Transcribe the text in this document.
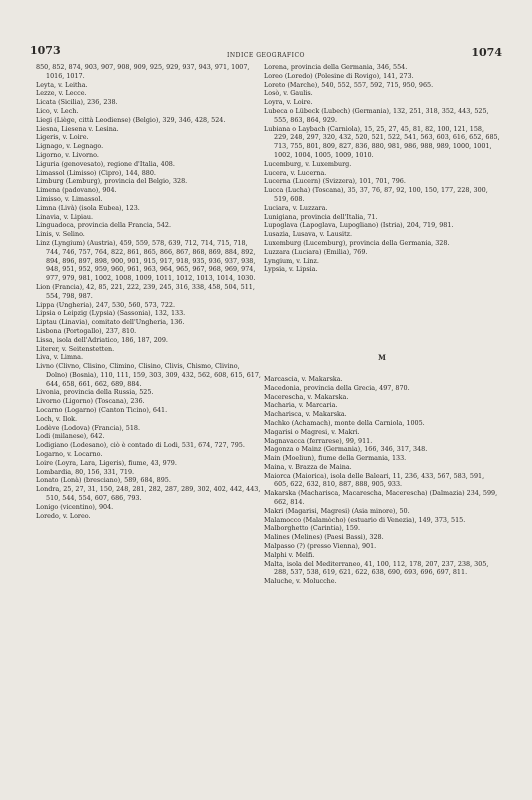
1073	INDICE GEOGRAFICO	1074
850, 852, 874, 903, 907, 908, 909, 925, 929, 937, 943, 971, 1007, 1016, 1017.
Leyta, v. Leitha.
Lezze, v. Lecce.
Licata (Sicilia), 236, 238.
Lico, v. Lech.
Liegi (Liège, città Leodiense) (Belgio), 329, 346, 428, 524.
Liesna, Liesena v. Lesina.
Ligeris, v. Loire.
Lignago, v. Legnago.
Ligorno, v. Livorno.
Liguria (genovesato), regione d'Italia, 408.
Limassol (Limisso) (Cipro), 144, 880.
Limburg (Lemburg), provincia del Belgio, 328.
Limena (padovano), 904.
Limisso, v. Limassol.
Limna (Livà) (isola Eubea), 123.
Linavia, v. Lipiau.
Linguadoca, provincia della Francia, 542.
Linis, v. Selino.
Linz (Lyngium) (Austria), 459, 559, 578, 639, 712, 714, 715, 718, 744, 746, 757, 764, 822, 861, 865, 866, 867, 868, 869, 884, 892, 894, 896, 897, 898, 900, 901, 915, 917, 918, 935, 936, 937, 938, 948, 951, 952, 959, 960, 961, 963, 964, 965, 967, 968, 969, 974, 977, 979, 981, 1002, 1008, 1009, 1011, 1012, 1013, 1014, 1030.
Lion (Francia), 42, 85, 221, 222, 239, 245, 316, 338, 458, 504, 511, 554, 798, 987.
Lippa (Ungheria), 247, 530, 560, 573, 722.
Lipsia o Leipzig (Lypsia) (Sassonia), 132, 133.
Liptau (Linavia), comitato dell'Ungheria, 136.
Lisbona (Portogallo), 237, 810.
Lissa, isola dell'Adriatico, 186, 187, 209.
Literer, v. Seitenstetten.
Liva, v. Limna.
Livno (Clivno, Clisino, Climino, Clisino, Clivis, Chismo, Clivino, Dolno) (Bosnia), 110, 111, 159, 303, 309, 432, 562, 608, 615, 617, 644, 658, 661, 662, 689, 884.
Livonia, provincia della Russia, 525.
Livorno (Ligorno) (Toscana), 236.
Locarno (Logarno) (Canton Ticino), 641.
Loch, v. Ilok.
Lodève (Lodova) (Francia), 518.
Lodi (milanese), 642.
Lodigiano (Lodesano), ciò è contado di Lodi, 531, 674, 727, 795.
Logarno, v. Locarno.
Loire (Loyra, Lara, Ligeris), fiume, 43, 979.
Lombardia, 80, 156, 331, 719.
Lonato (Lonà) (bresciano), 589, 684, 895.
Londra, 25, 27, 31, 150, 248, 281, 282, 287, 289, 302, 402, 442, 443, 510, 544, 554, 607, 686, 793.
Lonigo (vicentino), 904.
Loredo, v. Loreo.
Lorena, provincia della Germania, 346, 554.
Loreo (Loredo) (Polesine di Rovigo), 141, 273.
Loreto (Marche), 540, 552, 557, 592, 715, 950, 965.
Losò, v. Gaulis.
Loyra, v. Loire.
Lubeca o Lübeck (Lubech) (Germania), 132, 251, 318, 352, 443, 525, 555, 863, 864, 929.
Lubiana o Laybach (Carniola), 15, 25, 27, 45, 81, 82, 100, 121, 158, 229, 248, 297, 320, 432, 520, 521, 522, 541, 563, 603, 616, 652, 685, 713, 755, 801, 809, 827, 836, 880, 981, 986, 988, 989, 1000, 1001, 1002, 1004, 1005, 1009, 1010.
Lucemburg, v. Luxemburg.
Lucera, v. Lucerna.
Lucerna (Lucern) (Svizzera), 101, 701, 796.
Lucca (Lucha) (Toscana), 35, 37, 76, 87, 92, 100, 150, 177, 228, 300, 519, 608.
Luciara, v. Luzzara.
Lunigiana, provincia dell'Italia, 71.
Lupoglava (Lapoglava, Lupogliano) (Istria), 204, 719, 981.
Lusazia, Lusava, v. Lausitz.
Luxemburg (Lucemburg), provincia della Germania, 328.
Luzzara (Luciara) (Emilia), 769.
Lyngium, v. Linz.
Lypsia, v. Lipsia.
M
Marcascia, v. Makarska.
Macedonia, provincia della Grecia, 497, 870.
Macerescha, v. Makarska.
Macharia, v. Marcaria.
Macharisca, v. Makarska.
Machko (Achamach), monte della Carniola, 1005.
Magarisi o Magresi, v. Makri.
Magnavacca (ferrarese), 99, 911.
Magonza o Mainz (Germania), 166, 346, 317, 348.
Main (Moeliun), fiume della Germania, 133.
Maina, v. Brazza de Maina.
Maiorca (Maiorica), isola delle Baleari, 11, 236, 433, 567, 583, 591, 605, 622, 632, 810, 887, 888, 905, 933.
Makarska (Macharisca, Macarescha, Macerescha) (Dalmazia) 234, 599, 662, 814.
Makri (Magarisi, Magresi) (Asia minore), 50.
Malamocco (Malamòcho) (estuario di Venezia), 149, 373, 515.
Malborghetto (Carintia), 159.
Malines (Melines) (Paesi Bassi), 328.
Malpasso (?) (presso Vienna), 901.
Malphi v. Melfi.
Malta, isola del Mediterraneo, 41, 100, 112, 178, 207, 237, 238, 305, 288, 537, 538, 619, 621, 622, 638, 690, 693, 696, 697, 811.
Maluche, v. Molucche.
